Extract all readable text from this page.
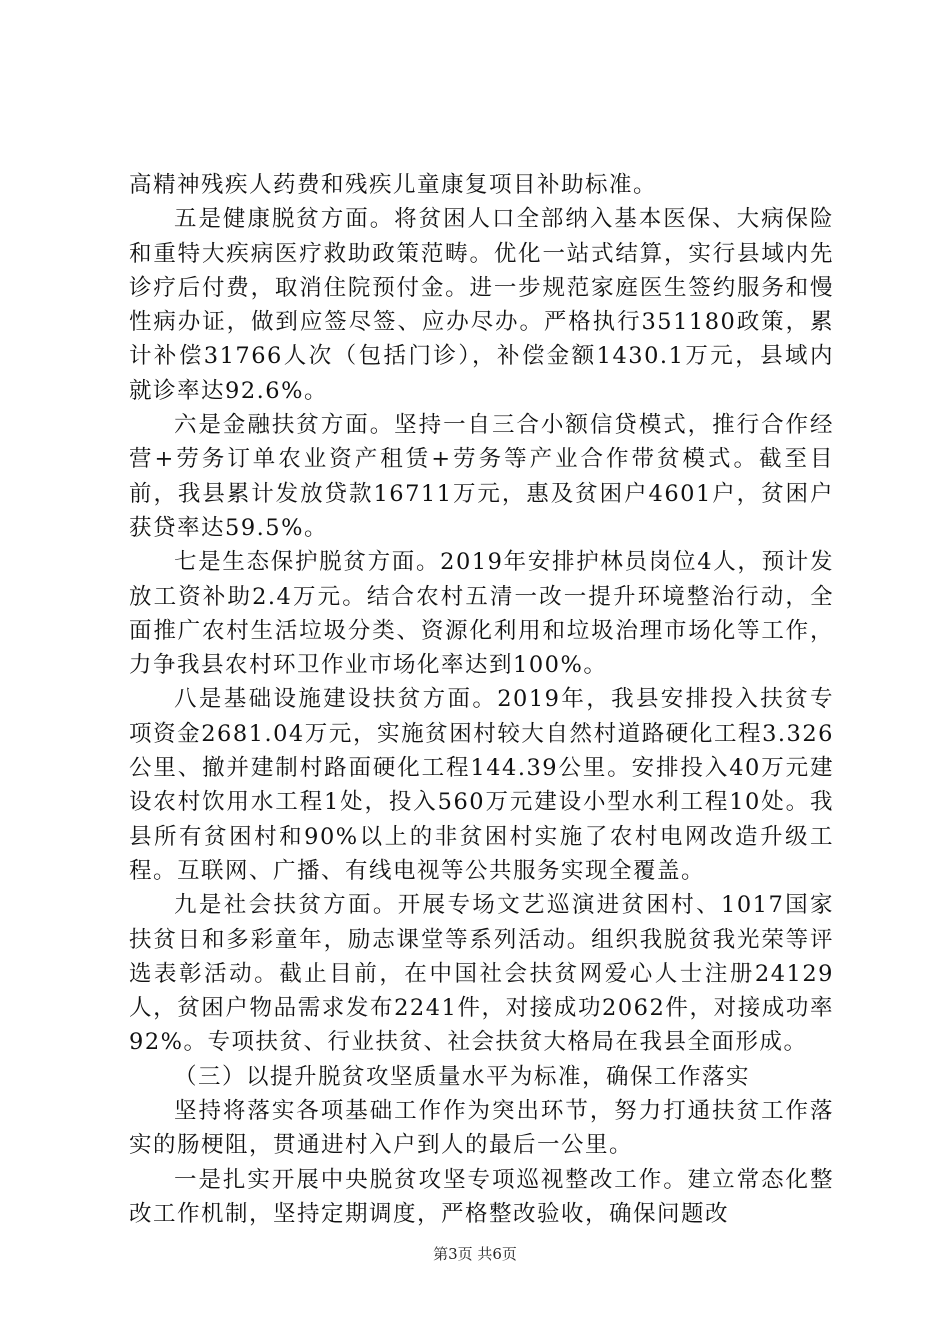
高精神残疾人药费和残疾儿童康复项目补助标准。

五是健康脱贫方面。将贫困人口全部纳入基本医保、大病保险和重特大疾病医疗救助政策范畴。优化一站式结算，实行县域内先诊疗后付费，取消住院预付金。进一步规范家庭医生签约服务和慢性病办证，做到应签尽签、应办尽办。严格执行351180政策，累计补偿31766人次（包括门诊），补偿金额1430.1万元，县域内就诊率达92.6%。

六是金融扶贫方面。坚持一自三合小额信贷模式，推行合作经营+劳务订单农业资产租赁+劳务等产业合作带贫模式。截至目前，我县累计发放贷款16711万元，惠及贫困户4601户，贫困户获贷率达59.5%。

七是生态保护脱贫方面。2019年安排护林员岗位4人，预计发放工资补助2.4万元。结合农村五清一改一提升环境整治行动，全面推广农村生活垃圾分类、资源化利用和垃圾治理市场化等工作，力争我县农村环卫作业市场化率达到100%。

八是基础设施建设扶贫方面。2019年，我县安排投入扶贫专项资金2681.04万元，实施贫困村较大自然村道路硬化工程3.326公里、撤并建制村路面硬化工程144.39公里。安排投入40万元建设农村饮用水工程1处，投入560万元建设小型水利工程10处。我县所有贫困村和90%以上的非贫困村实施了农村电网改造升级工程。互联网、广播、有线电视等公共服务实现全覆盖。

九是社会扶贫方面。开展专场文艺巡演进贫困村、1017国家扶贫日和多彩童年，励志课堂等系列活动。组织我脱贫我光荣等评选表彰活动。截止目前，在中国社会扶贫网爱心人士注册24129人，贫困户物品需求发布2241件，对接成功2062件，对接成功率92%。专项扶贫、行业扶贫、社会扶贫大格局在我县全面形成。

（三）以提升脱贫攻坚质量水平为标准，确保工作落实

坚持将落实各项基础工作作为突出环节，努力打通扶贫工作落实的肠梗阻，贯通进村入户到人的最后一公里。

一是扎实开展中央脱贫攻坚专项巡视整改工作。建立常态化整改工作机制，坚持定期调度，严格整改验收，确保问题改

第3页 共6页
